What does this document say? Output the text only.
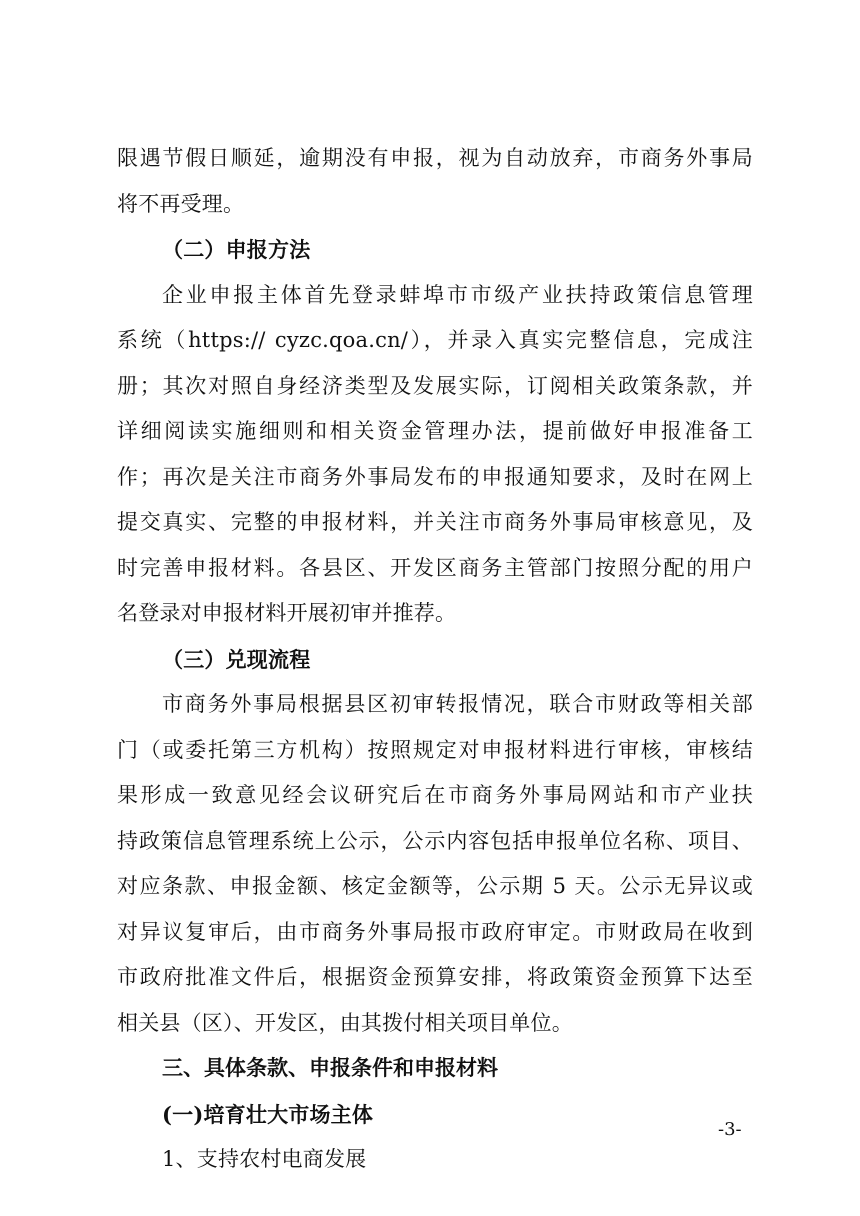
限遇节假日顺延，逾期没有申报，视为自动放弃，市商务外事局
将不再受理。
（二）申报方法
企业申报主体首先登录蚌埠市市级产业扶持政策信息管理
系统（https:// cyzc.qoa.cn/），并录入真实完整信息，完成注
册；其次对照自身经济类型及发展实际，订阅相关政策条款，并
详细阅读实施细则和相关资金管理办法，提前做好申报准备工
作；再次是关注市商务外事局发布的申报通知要求，及时在网上
提交真实、完整的申报材料，并关注市商务外事局审核意见，及
时完善申报材料。各县区、开发区商务主管部门按照分配的用户
名登录对申报材料开展初审并推荐。
（三）兑现流程
市商务外事局根据县区初审转报情况，联合市财政等相关部
门（或委托第三方机构）按照规定对申报材料进行审核，审核结
果形成一致意见经会议研究后在市商务外事局网站和市产业扶
持政策信息管理系统上公示，公示内容包括申报单位名称、项目、
对应条款、申报金额、核定金额等，公示期 5 天。公示无异议或
对异议复审后，由市商务外事局报市政府审定。市财政局在收到
市政府批准文件后，根据资金预算安排，将政策资金预算下达至
相关县（区）、开发区，由其拨付相关项目单位。
三、具体条款、申报条件和申报材料
(一)培育壮大市场主体
1、支持农村电商发展
-3-
